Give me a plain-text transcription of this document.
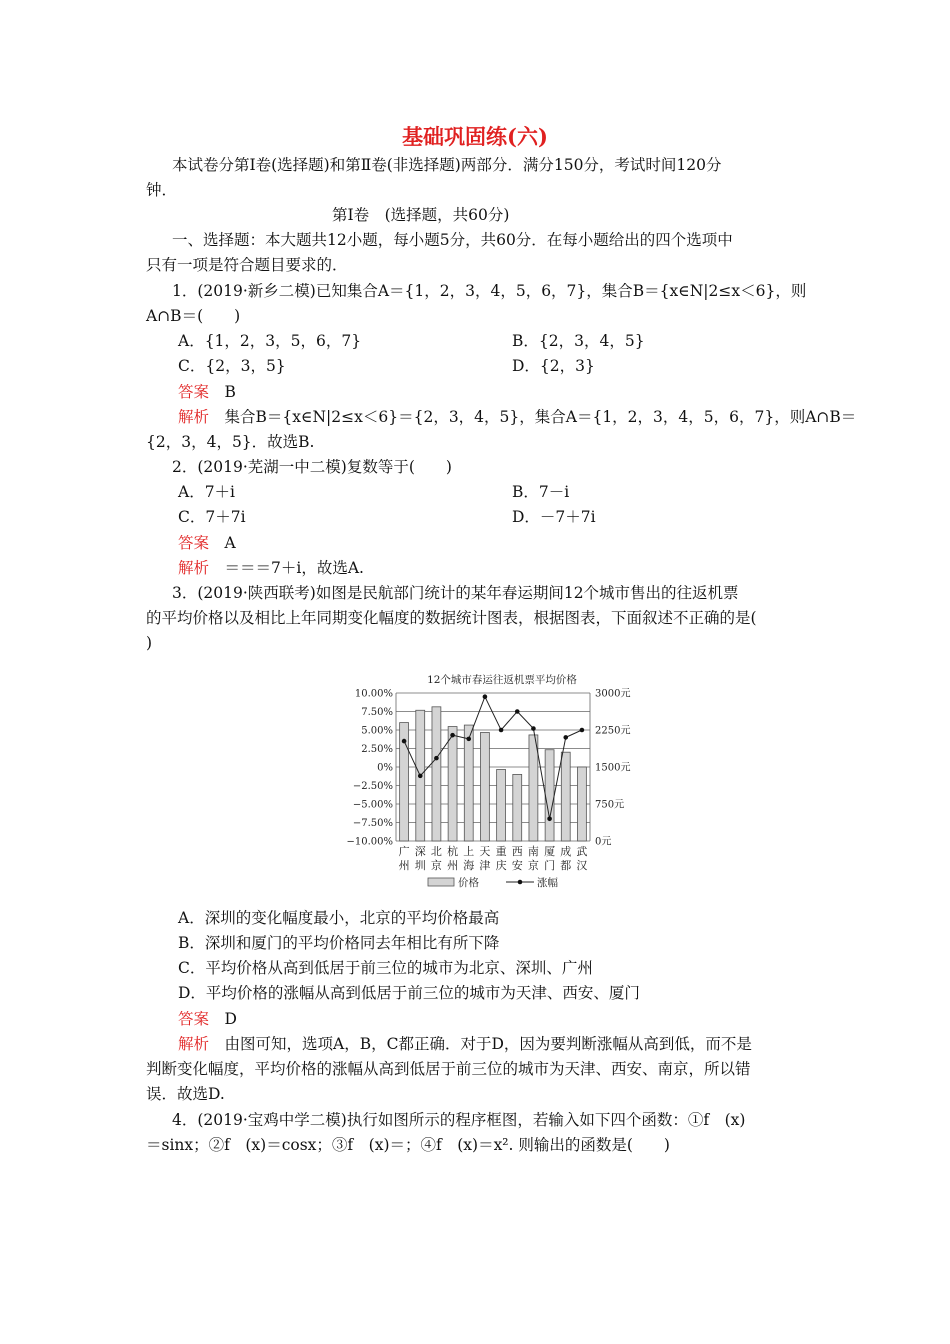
基础巩固练(六)
本试卷分第Ⅰ卷(选择题)和第Ⅱ卷(非选择题)两部分．满分150分，考试时间120分
钟．
第Ⅰ卷　(选择题，共60分)
一、选择题：本大题共12小题，每小题5分，共60分．在每小题给出的四个选项中
只有一项是符合题目要求的．
1．(2019·新乡二模)已知集合A＝{1，2，3，4，5，6，7}，集合B＝{x∈N|2≤x＜6}，则
A∩B＝(　　)
A．{1，2，3，5，6，7}	B．{2，3，4，5}
C．{2，3，5}	D．{2，3}
答案　 B
解析　 集合B＝{x∈N|2≤x＜6}＝{2，3，4，5}，集合A＝{1，2，3，4，5，6，7}，则A∩B＝
{2，3，4，5}．故选B.
2．(2019·芜湖一中二模)复数等于(　　)
A．7＋i	B．7－i
C．7＋7i	D．－7＋7i
答案　 A
解析　 ＝＝＝7＋i，故选A.
3．(2019·陕西联考)如图是民航部门统计的某年春运期间12个城市售出的往返机票
的平均价格以及相比上年同期变化幅度的数据统计图表，根据图表，下面叙述不正确的是(
)
12个城市春运往返机票平均价格
10.00%
7.50%
5.00%
2.50%
0%
−2.50%
−5.00%
−7.50%
−10.00%
3000元
2250元
1500元
750元
0元
广
州
深
圳
北
京
杭
州
上
海
天
津
重
庆
西
安
南
京
厦
门
成
都
武
汉
价格	涨幅
A．深圳的变化幅度最小，北京的平均价格最高
B．深圳和厦门的平均价格同去年相比有所下降
C．平均价格从高到低居于前三位的城市为北京、深圳、广州
D．平均价格的涨幅从高到低居于前三位的城市为天津、西安、厦门
答案　 D
解析　 由图可知，选项A，B，C都正确．对于D，因为要判断涨幅从高到低，而不是
判断变化幅度，平均价格的涨幅从高到低居于前三位的城市为天津、西安、南京，所以错
误．故选D.
4．(2019·宝鸡中学二模)执行如图所示的程序框图，若输入如下四个函数：①f　(x)
＝sinx；②f　(x)＝cosx；③f　(x)＝；④f　(x)＝x². 则输出的函数是(　　)
